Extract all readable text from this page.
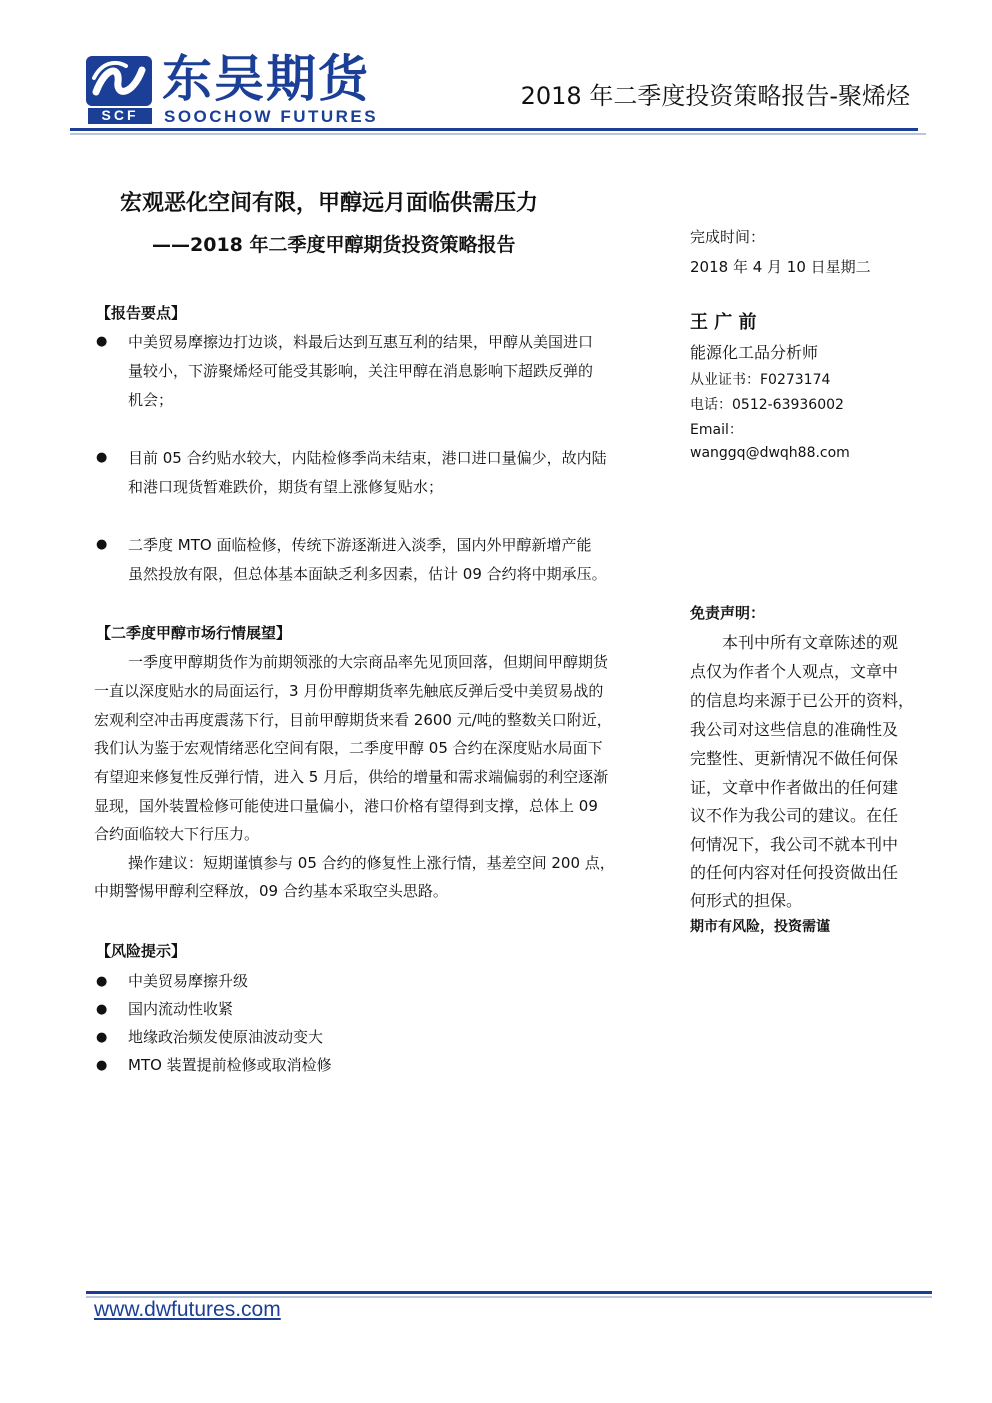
SCF
东吴期货
SOOCHOW FUTURES
2018 年二季度投资策略报告-聚烯烃
宏观恶化空间有限，甲醇远月面临供需压力
——2018 年二季度甲醇期货投资策略报告
【报告要点】
● 中美贸易摩擦边打边谈，料最后达到互惠互利的结果，甲醇从美国进口
量较小，下游聚烯烃可能受其影响，关注甲醇在消息影响下超跌反弹的
机会；
● 目前 05 合约贴水较大，内陆检修季尚未结束，港口进口量偏少，故内陆
和港口现货暂难跌价，期货有望上涨修复贴水；
● 二季度 MTO 面临检修，传统下游逐渐进入淡季，国内外甲醇新增产能
虽然投放有限，但总体基本面缺乏利多因素，估计 09 合约将中期承压。
【二季度甲醇市场行情展望】
一季度甲醇期货作为前期领涨的大宗商品率先见顶回落，但期间甲醇期货
一直以深度贴水的局面运行，3 月份甲醇期货率先触底反弹后受中美贸易战的
宏观利空冲击再度震荡下行，目前甲醇期货来看 2600 元/吨的整数关口附近，
我们认为鉴于宏观情绪恶化空间有限，二季度甲醇 05 合约在深度贴水局面下
有望迎来修复性反弹行情，进入 5 月后，供给的增量和需求端偏弱的利空逐渐
显现，国外装置检修可能使进口量偏小，港口价格有望得到支撑，总体上 09
合约面临较大下行压力。
操作建议：短期谨慎参与 05 合约的修复性上涨行情，基差空间 200 点，
中期警惕甲醇利空释放，09 合约基本采取空头思路。
【风险提示】
● 中美贸易摩擦升级
● 国内流动性收紧
● 地缘政治频发使原油波动变大
● MTO 装置提前检修或取消检修
完成时间：
2018 年 4 月 10 日星期二
王 广 前
能源化工品分析师
从业证书：F0273174
电话：0512-63936002
Email：
wanggq@dwqh88.com
免责声明：
本刊中所有文章陈述的观
点仅为作者个人观点，文章中
的信息均来源于已公开的资料，
我公司对这些信息的准确性及
完整性、更新情况不做任何保
证，文章中作者做出的任何建
议不作为我公司的建议。在任
何情况下，我公司不就本刊中
的任何内容对任何投资做出任
何形式的担保。
期市有风险，投资需谨
www.dwfutures.com
